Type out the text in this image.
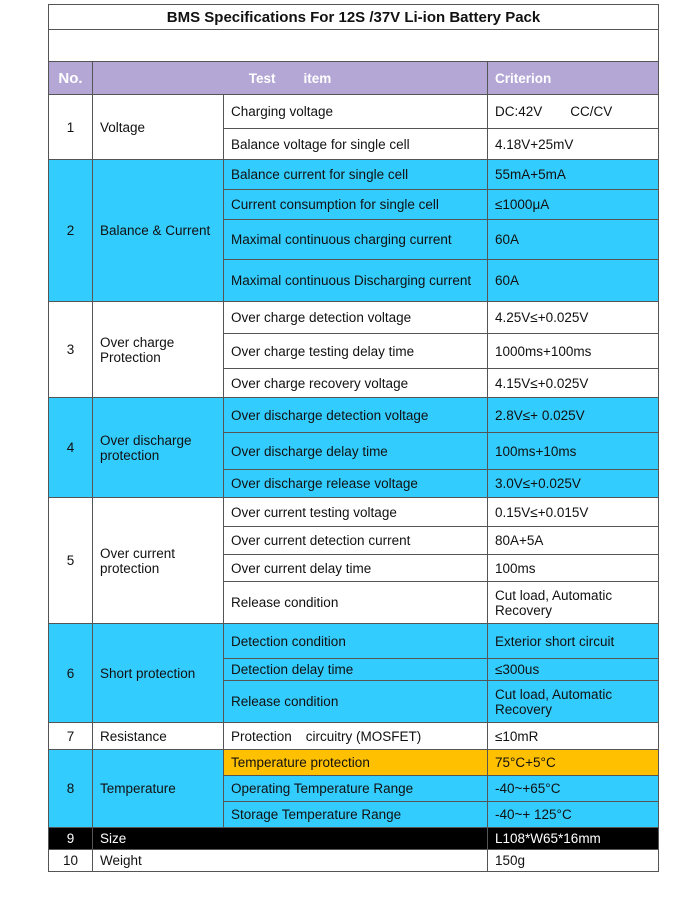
BMS Specifications For 12S /37V Li-ion Battery Pack			

No.	Test item		Criterion
1	Voltage	Charging voltage	DC:42V CC/CV
		Balance voltage for single cell	4.18V+25mV
2	Balance & Current	Balance current for single cell	55mA+5mA
		Current consumption for single cell	≤1000μA
		Maximal continuous charging current	60A
		Maximal continuous Discharging current	60A
3	Over charge Protection	Over charge detection voltage	4.25V≤+0.025V
		Over charge testing delay time	1000ms+100ms
		Over charge recovery voltage	4.15V≤+0.025V
4	Over discharge protection	Over discharge detection voltage	2.8V≤+ 0.025V
		Over discharge delay time	100ms+10ms
		Over discharge release voltage	3.0V≤+0.025V
5	Over current protection	Over current testing voltage	0.15V≤+0.015V
		Over current detection current	80A+5A
		Over current delay time	100ms
		Release condition	Cut load, Automatic Recovery
6	Short protection	Detection condition	Exterior short circuit
		Detection delay time	≤300us
		Release condition	Cut load, Automatic Recovery
7	Resistance	Protection circuitry (MOSFET)	≤10mR
8	Temperature	Temperature protection	75°C+5°C
		Operating Temperature Range	-40~+65°C
		Storage Temperature Range	-40~+ 125°C
9	Size		L108*W65*16mm
10	Weight		150g
